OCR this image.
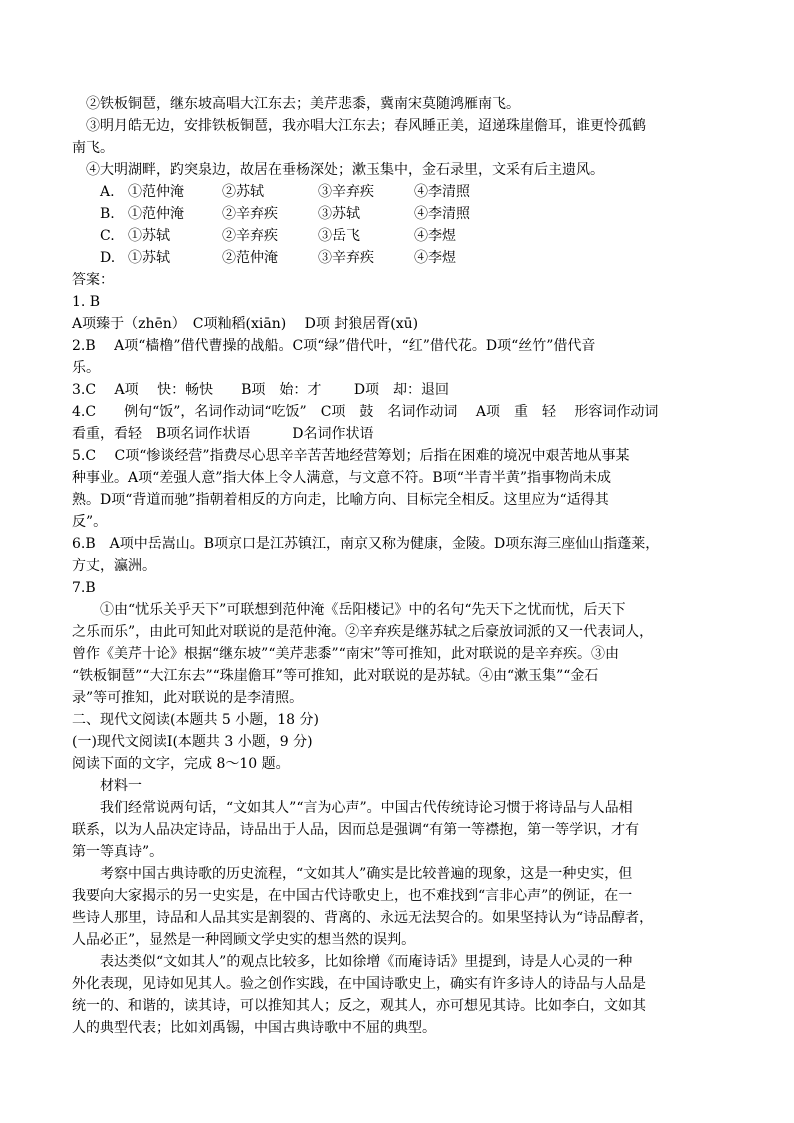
②铁板铜琶，继东坡高唱大江东去；美芹悲黍，冀南宋莫随鸿雁南飞。
③明月皓无边，安排铁板铜琶，我亦唱大江东去；春风睡正美，迢递珠崖儋耳，谁更怜孤鹤
南飞。
④大明湖畔，趵突泉边，故居在垂杨深处；漱玉集中，金石录里，文采有后主遗风。
A. ①范仲淹	②苏轼	③辛弃疾	④李清照
B. ①范仲淹	②辛弃疾	③苏轼	④李清照
C. ①苏轼	②辛弃疾	③岳飞	④李煜
D. ①苏轼	②范仲淹	③辛弃疾	④李煜
答案：
1. B
A项臻于（zhēn）　C项籼稻(xiān)　 D项 封狼居胥(xū)
2.B　 A项“樯橹”借代曹操的战船。C项“绿”借代叶，“红”借代花。D项“丝竹”借代音
乐。
3.C　 A项　 快：畅快　　B项　始：才　　 D项　却：退回
4.C　　例句“饭”，名词作动词“吃饭”　C项　鼓　名词作动词　 A项　重　轻　 形容词作动词
看重，看轻　B项名词作状语　　　D名词作状语
5.C　 C项“惨谈经营”指费尽心思辛辛苦苦地经营筹划；后指在困难的境况中艰苦地从事某
种事业。A项“差强人意”指大体上令人满意，与文意不符。B项“半青半黄”指事物尚未成
熟。D项“背道而驰”指朝着相反的方向走，比喻方向、目标完全相反。这里应为“适得其
反”。
6.B　A项中岳嵩山。B项京口是江苏镇江，南京又称为健康，金陵。D项东海三座仙山指蓬莱，
方丈，瀛洲。
7.B
①由“忧乐关乎天下”可联想到范仲淹《岳阳楼记》中的名句“先天下之忧而忧，后天下
之乐而乐”，由此可知此对联说的是范仲淹。②辛弃疾是继苏轼之后豪放词派的又一代表词人，
曾作《美芹十论》根据“继东坡”“美芹悲黍”“南宋”等可推知，此对联说的是辛弃疾。③由
“铁板铜琶”“大江东去”“珠崖儋耳”等可推知，此对联说的是苏轼。④由“漱玉集”“金石
录”等可推知，此对联说的是李清照。
二、现代文阅读(本题共 5 小题，18 分)
(一)现代文阅读Ⅰ(本题共 3 小题，9 分)
阅读下面的文字，完成 8～10 题。
材料一
我们经常说两句话，“文如其人”“言为心声”。中国古代传统诗论习惯于将诗品与人品相
联系，以为人品决定诗品，诗品出于人品，因而总是强调“有第一等襟抱，第一等学识，才有
第一等真诗”。
考察中国古典诗歌的历史流程，“文如其人”确实是比较普遍的现象，这是一种史实，但
我要向大家揭示的另一史实是，在中国古代诗歌史上，也不难找到“言非心声”的例证，在一
些诗人那里，诗品和人品其实是割裂的、背离的、永远无法契合的。如果坚持认为“诗品醇者，
人品必正”，显然是一种罔顾文学史实的想当然的误判。
表达类似“文如其人”的观点比较多，比如徐增《而庵诗话》里提到，诗是人心灵的一种
外化表现，见诗如见其人。验之创作实践，在中国诗歌史上，确实有许多诗人的诗品与人品是
统一的、和谐的，读其诗，可以推知其人；反之，观其人，亦可想见其诗。比如李白，文如其
人的典型代表；比如刘禹锡，中国古典诗歌中不屈的典型。
